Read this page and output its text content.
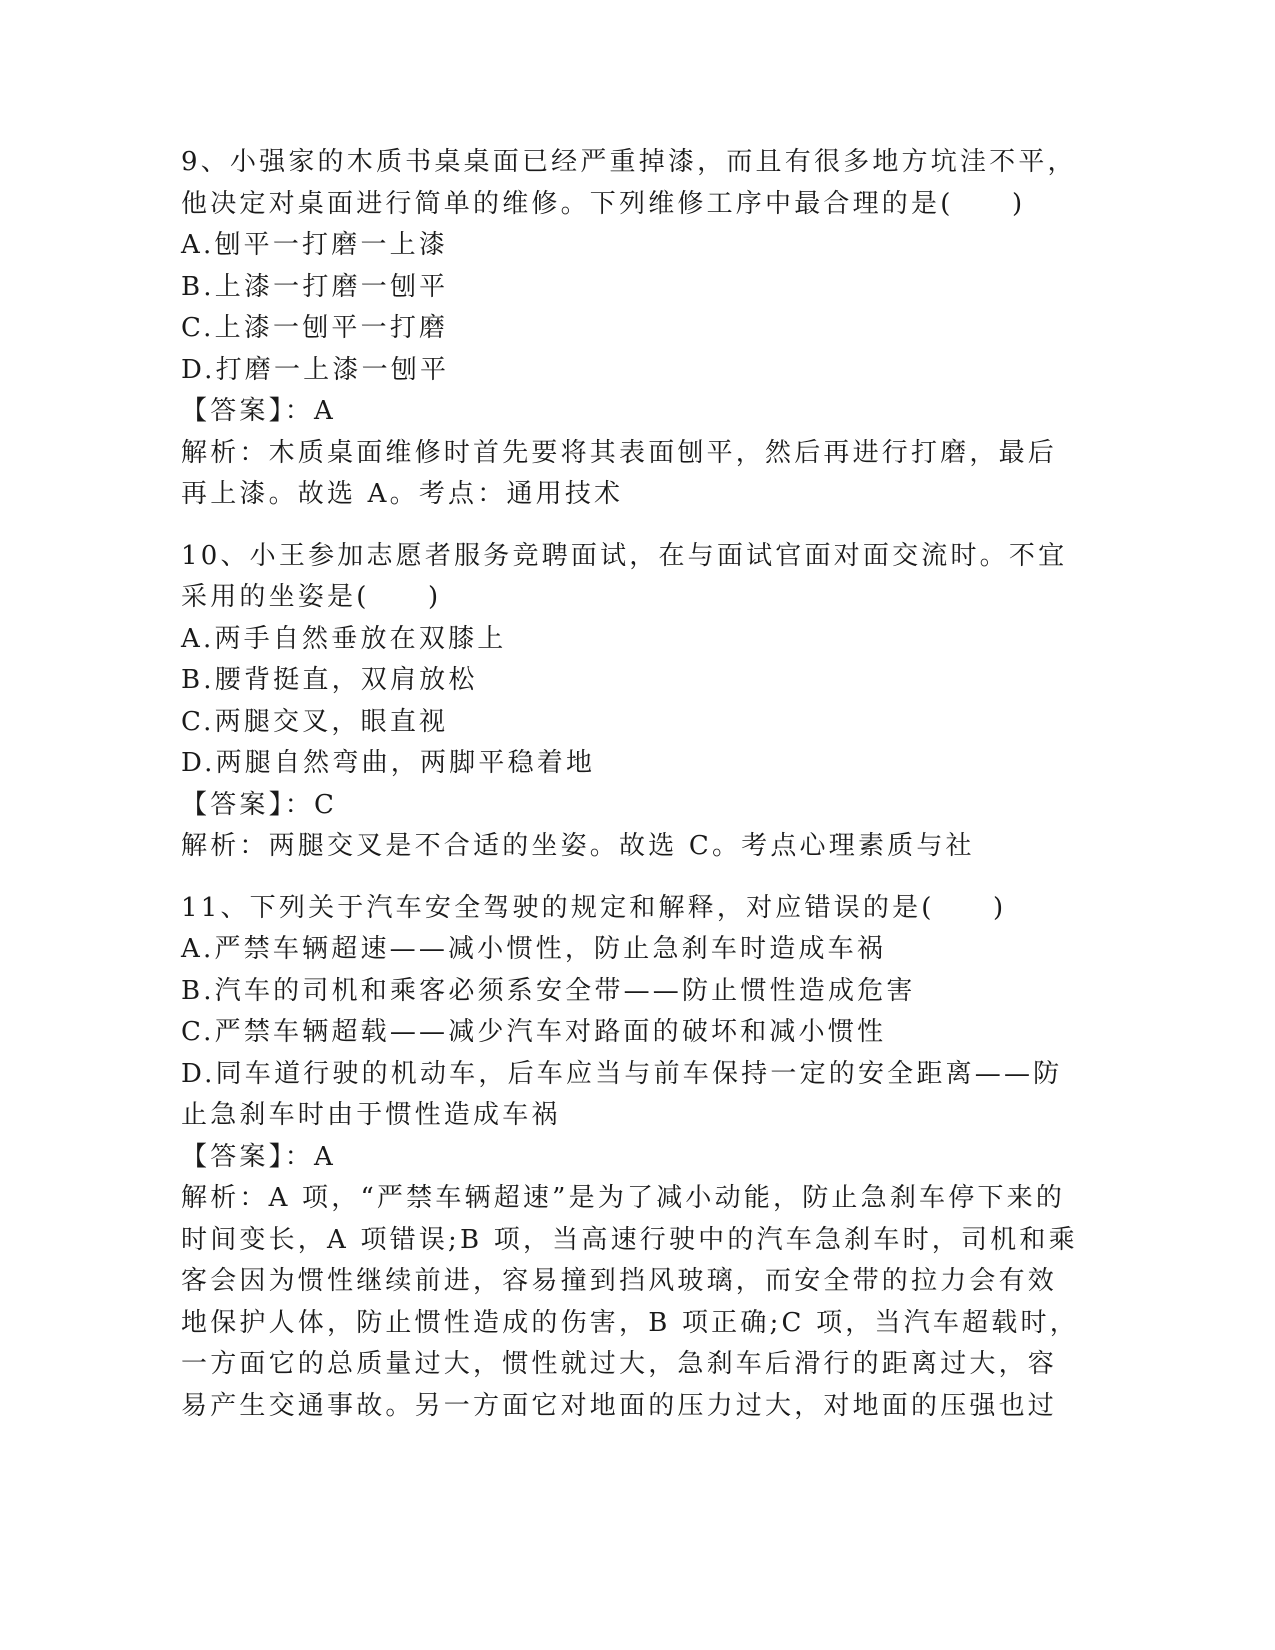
9、小强家的木质书桌桌面已经严重掉漆，而且有很多地方坑洼不平，
他决定对桌面进行简单的维修。下列维修工序中最合理的是(　　)
A.刨平一打磨一上漆
B.上漆一打磨一刨平
C.上漆一刨平一打磨
D.打磨一上漆一刨平
【答案】：A
解析：木质桌面维修时首先要将其表面刨平，然后再进行打磨，最后
再上漆。故选 A。考点：通用技术
10、小王参加志愿者服务竞聘面试，在与面试官面对面交流时。不宜
采用的坐姿是(　　)
A.两手自然垂放在双膝上
B.腰背挺直，双肩放松
C.两腿交叉，眼直视
D.两腿自然弯曲，两脚平稳着地
【答案】：C
解析：两腿交叉是不合适的坐姿。故选 C。考点心理素质与社
11、下列关于汽车安全驾驶的规定和解释，对应错误的是(　　)
A.严禁车辆超速——减小惯性，防止急刹车时造成车祸
B.汽车的司机和乘客必须系安全带——防止惯性造成危害
C.严禁车辆超载——减少汽车对路面的破坏和减小惯性
D.同车道行驶的机动车，后车应当与前车保持一定的安全距离——防
止急刹车时由于惯性造成车祸
【答案】：A
解析：A 项，“严禁车辆超速”是为了减小动能，防止急刹车停下来的
时间变长，A 项错误;B 项，当高速行驶中的汽车急刹车时，司机和乘
客会因为惯性继续前进，容易撞到挡风玻璃，而安全带的拉力会有效
地保护人体，防止惯性造成的伤害，B 项正确;C 项，当汽车超载时，
一方面它的总质量过大，惯性就过大，急刹车后滑行的距离过大，容
易产生交通事故。另一方面它对地面的压力过大，对地面的压强也过
